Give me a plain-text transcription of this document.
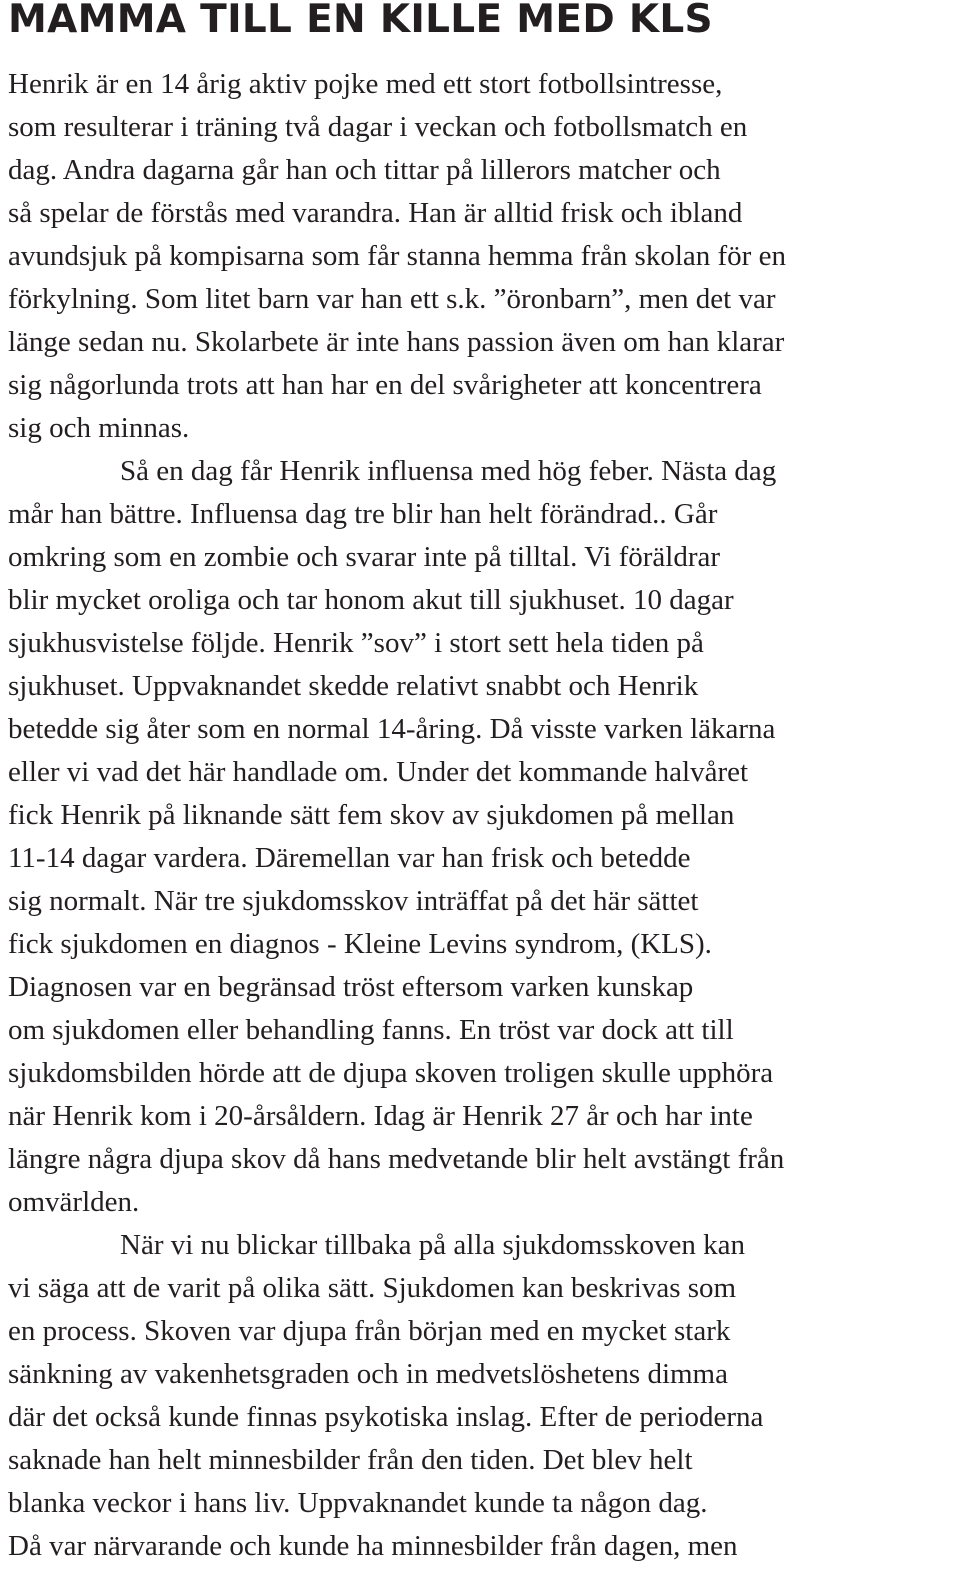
MAMMA TILL EN KILLE MED KLS

Henrik är en 14 årig aktiv pojke med ett stort fotbollsintresse,

som resulterar i träning två dagar i veckan och fotbollsmatch en

dag. Andra dagarna går han och tittar på lillerors matcher och

så spelar de förstås med varandra. Han är alltid frisk och ibland

avundsjuk på kompisarna som får stanna hemma från skolan för en

förkylning. Som litet barn var han ett s.k. ”öronbarn”, men det var

länge sedan nu. Skolarbete är inte hans passion även om han klarar

sig någorlunda trots att han har en del svårigheter att koncentrera

sig och minnas.

Så en dag får Henrik influensa med hög feber. Nästa dag

mår han bättre. Influensa dag tre blir han helt förändrad.. Går

omkring som en zombie och svarar inte på tilltal. Vi föräldrar

blir mycket oroliga och tar honom akut till sjukhuset. 10 dagar

sjukhusvistelse följde. Henrik ”sov” i stort sett hela tiden på

sjukhuset. Uppvaknandet skedde relativt snabbt och Henrik

betedde sig åter som en normal 14-åring. Då visste varken läkarna

eller vi vad det här handlade om. Under det kommande halvåret

fick Henrik på liknande sätt fem skov av sjukdomen på mellan

11-14 dagar vardera. Däremellan var han frisk och betedde

sig normalt. När tre sjukdomsskov inträffat på det här sättet

fick sjukdomen en diagnos - Kleine Levins syndrom, (KLS).

Diagnosen var en begränsad tröst eftersom varken kunskap

om sjukdomen eller behandling fanns. En tröst var dock att till

sjukdomsbilden hörde att de djupa skoven troligen skulle upphöra

när Henrik kom i 20-årsåldern. Idag är Henrik 27 år och har inte

längre några djupa skov då hans medvetande blir helt avstängt från

omvärlden.

När vi nu blickar tillbaka på alla sjukdomsskoven kan

vi säga att de varit på olika sätt. Sjukdomen kan beskrivas som

en process. Skoven var djupa från början med en mycket stark

sänkning av vakenhetsgraden och in medvetslöshetens dimma

där det också kunde finnas psykotiska inslag. Efter de perioderna

saknade han helt minnesbilder från den tiden. Det blev helt

blanka veckor i hans liv. Uppvaknandet kunde ta någon dag.

Då var närvarande och kunde ha minnesbilder från dagen, men
